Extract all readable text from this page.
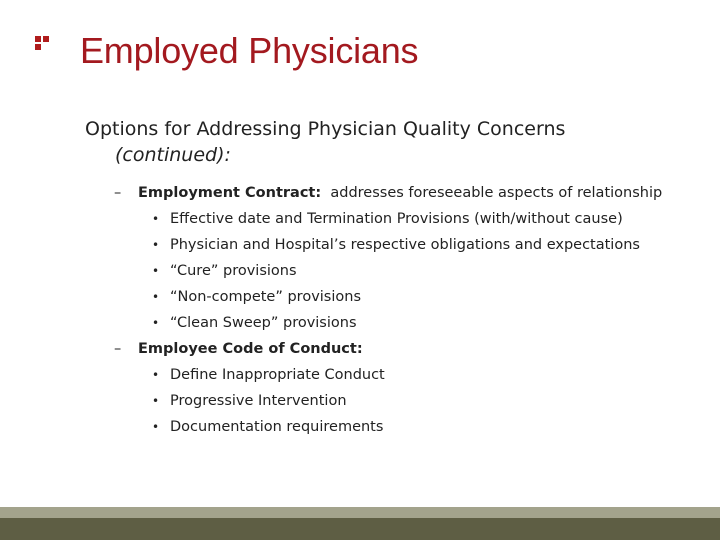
Employed Physicians

Options for Addressing Physician Quality Concerns
(continued):

– Employment Contract:  addresses foreseeable aspects of relationship
• Effective date and Termination Provisions (with/without cause)
• Physician and Hospital’s respective obligations and expectations
• “Cure” provisions
• “Non-compete” provisions
• “Clean Sweep” provisions
– Employee Code of Conduct:
• Define Inappropriate Conduct
• Progressive Intervention
• Documentation requirements
